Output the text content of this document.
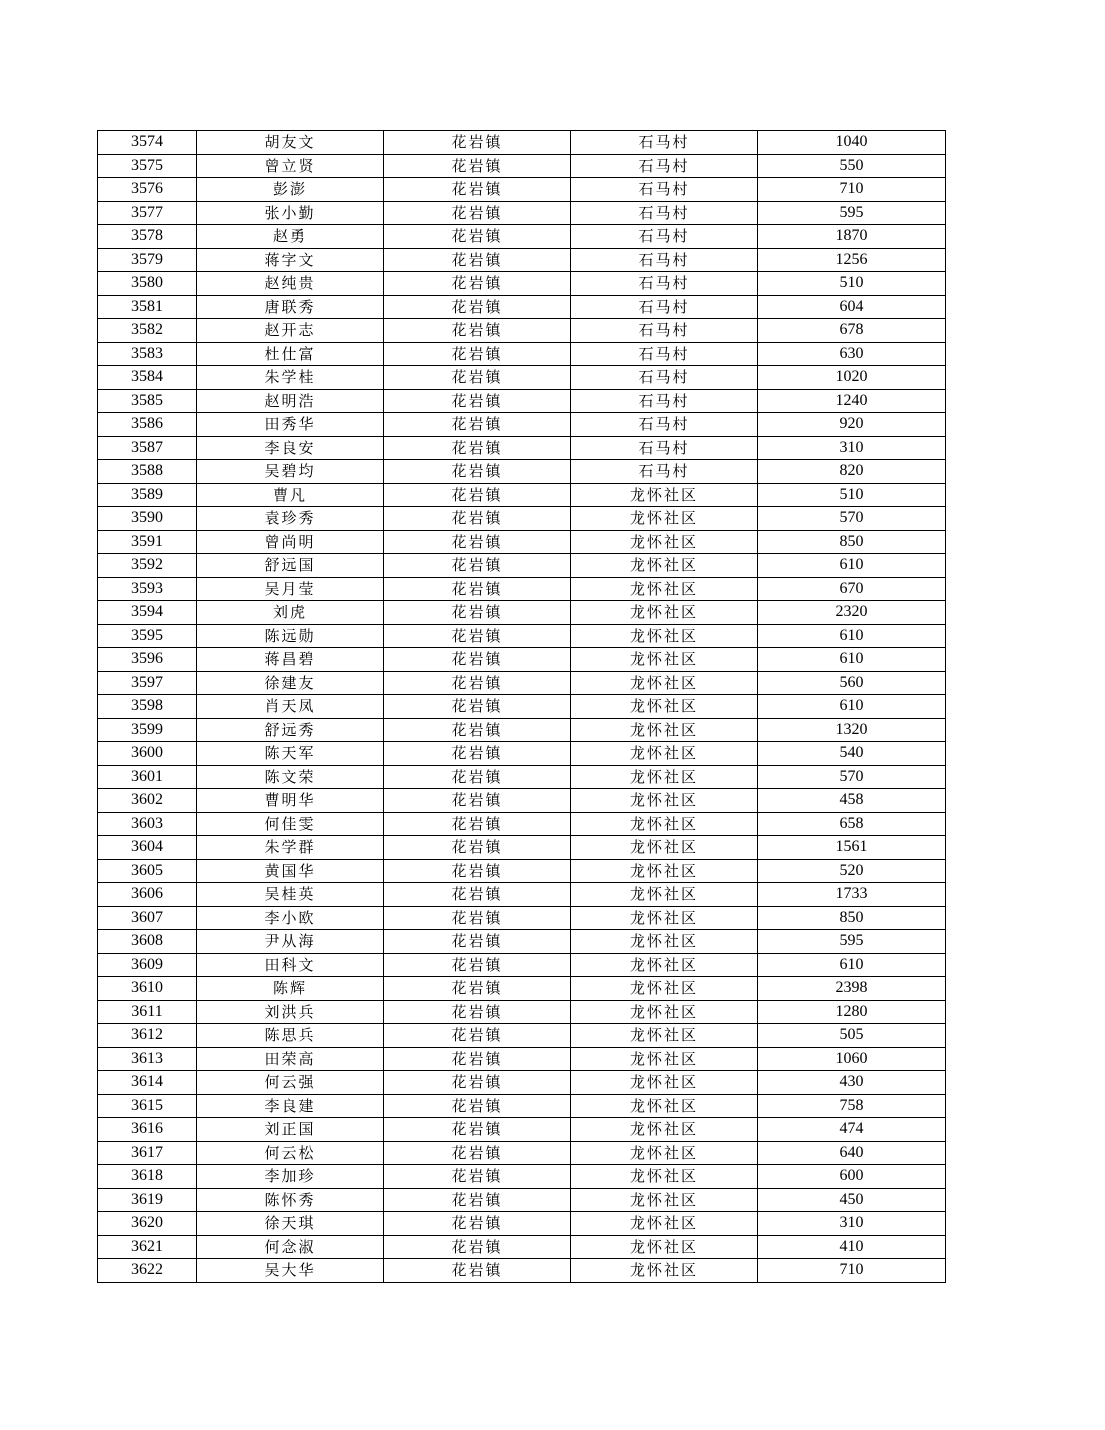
3574	胡友文	花岩镇	石马村	1040
3575	曾立贤	花岩镇	石马村	550
3576	彭澎	花岩镇	石马村	710
3577	张小勤	花岩镇	石马村	595
3578	赵勇	花岩镇	石马村	1870
3579	蒋字文	花岩镇	石马村	1256
3580	赵纯贵	花岩镇	石马村	510
3581	唐联秀	花岩镇	石马村	604
3582	赵开志	花岩镇	石马村	678
3583	杜仕富	花岩镇	石马村	630
3584	朱学桂	花岩镇	石马村	1020
3585	赵明浩	花岩镇	石马村	1240
3586	田秀华	花岩镇	石马村	920
3587	李良安	花岩镇	石马村	310
3588	吴碧均	花岩镇	石马村	820
3589	曹凡	花岩镇	龙怀社区	510
3590	袁珍秀	花岩镇	龙怀社区	570
3591	曾尚明	花岩镇	龙怀社区	850
3592	舒远国	花岩镇	龙怀社区	610
3593	吴月莹	花岩镇	龙怀社区	670
3594	刘虎	花岩镇	龙怀社区	2320
3595	陈远勋	花岩镇	龙怀社区	610
3596	蒋昌碧	花岩镇	龙怀社区	610
3597	徐建友	花岩镇	龙怀社区	560
3598	肖天凤	花岩镇	龙怀社区	610
3599	舒远秀	花岩镇	龙怀社区	1320
3600	陈天军	花岩镇	龙怀社区	540
3601	陈文荣	花岩镇	龙怀社区	570
3602	曹明华	花岩镇	龙怀社区	458
3603	何佳雯	花岩镇	龙怀社区	658
3604	朱学群	花岩镇	龙怀社区	1561
3605	黄国华	花岩镇	龙怀社区	520
3606	吴桂英	花岩镇	龙怀社区	1733
3607	李小欧	花岩镇	龙怀社区	850
3608	尹从海	花岩镇	龙怀社区	595
3609	田科文	花岩镇	龙怀社区	610
3610	陈辉	花岩镇	龙怀社区	2398
3611	刘洪兵	花岩镇	龙怀社区	1280
3612	陈思兵	花岩镇	龙怀社区	505
3613	田荣高	花岩镇	龙怀社区	1060
3614	何云强	花岩镇	龙怀社区	430
3615	李良建	花岩镇	龙怀社区	758
3616	刘正国	花岩镇	龙怀社区	474
3617	何云松	花岩镇	龙怀社区	640
3618	李加珍	花岩镇	龙怀社区	600
3619	陈怀秀	花岩镇	龙怀社区	450
3620	徐天琪	花岩镇	龙怀社区	310
3621	何念淑	花岩镇	龙怀社区	410
3622	吴大华	花岩镇	龙怀社区	710
